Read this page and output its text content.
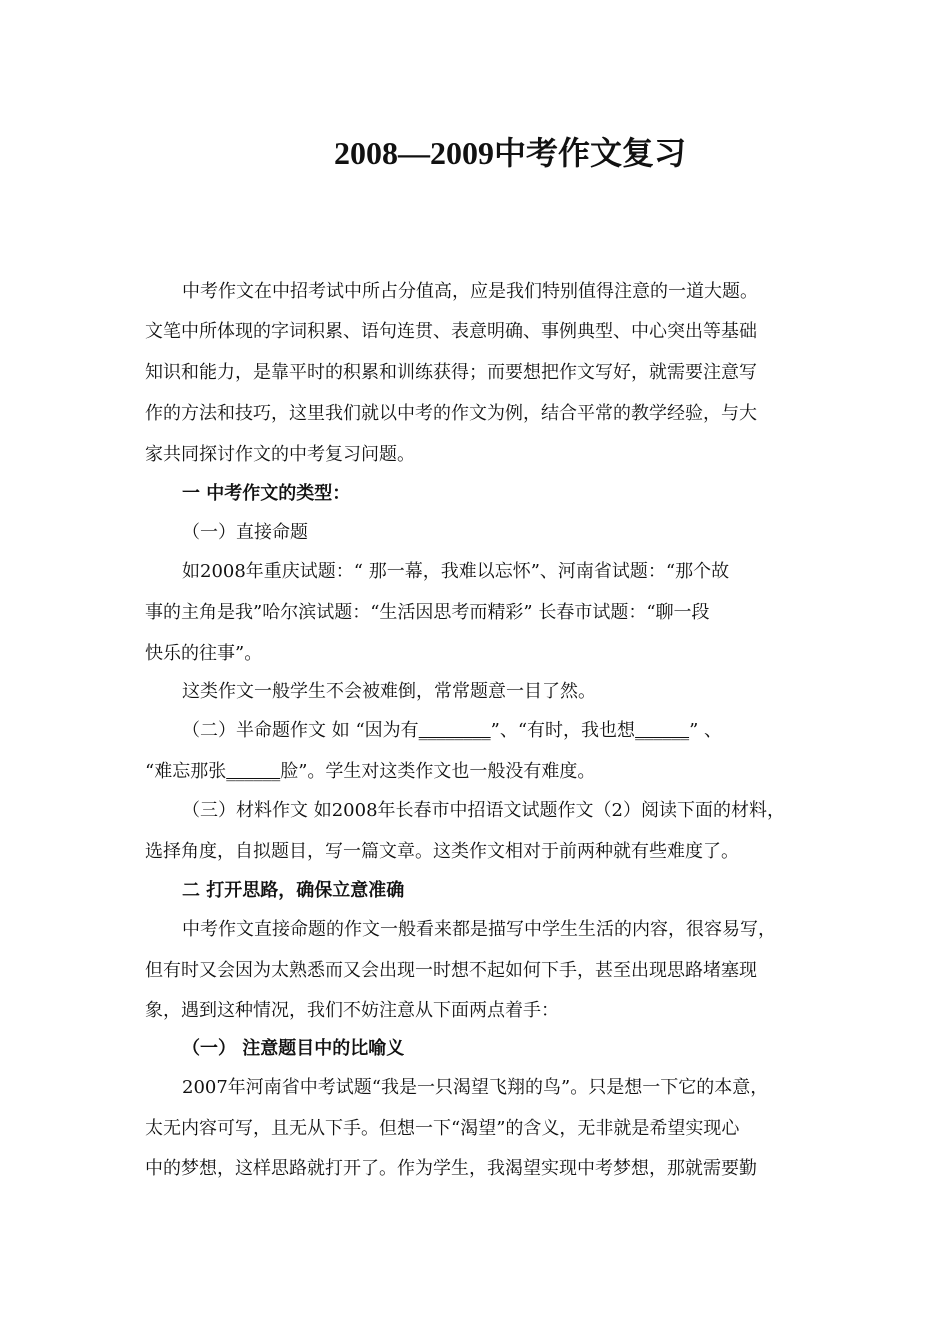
2008—2009中考作文复习
中考作文在中招考试中所占分值高，应是我们特别值得注意的一道大题。
文笔中所体现的字词积累、语句连贯、表意明确、事例典型、中心突出等基础
知识和能力，是靠平时的积累和训练获得；而要想把作文写好，就需要注意写
作的方法和技巧，这里我们就以中考的作文为例，结合平常的教学经验，与大
家共同探讨作文的中考复习问题。
一 中考作文的类型：
（一）直接命题
如2008年重庆试题：“ 那一幕，我难以忘怀”、河南省试题：“那个故
事的主角是我”哈尔滨试题：“生活因思考而精彩” 长春市试题：“聊一段
快乐的往事”。
这类作文一般学生不会被难倒，常常题意一目了然。
（二）半命题作文 如 “因为有________”、“有时，我也想______” 、
“难忘那张______脸”。学生对这类作文也一般没有难度。
（三）材料作文 如2008年长春市中招语文试题作文（2）阅读下面的材料，
选择角度，自拟题目，写一篇文章。这类作文相对于前两种就有些难度了。
二 打开思路，确保立意准确
中考作文直接命题的作文一般看来都是描写中学生生活的内容，很容易写，
但有时又会因为太熟悉而又会出现一时想不起如何下手，甚至出现思路堵塞现
象，遇到这种情况，我们不妨注意从下面两点着手：
（一） 注意题目中的比喻义
2007年河南省中考试题“我是一只渴望飞翔的鸟”。只是想一下它的本意，
太无内容可写，且无从下手。但想一下“渴望”的含义，无非就是希望实现心
中的梦想，这样思路就打开了。作为学生，我渴望实现中考梦想，那就需要勤
